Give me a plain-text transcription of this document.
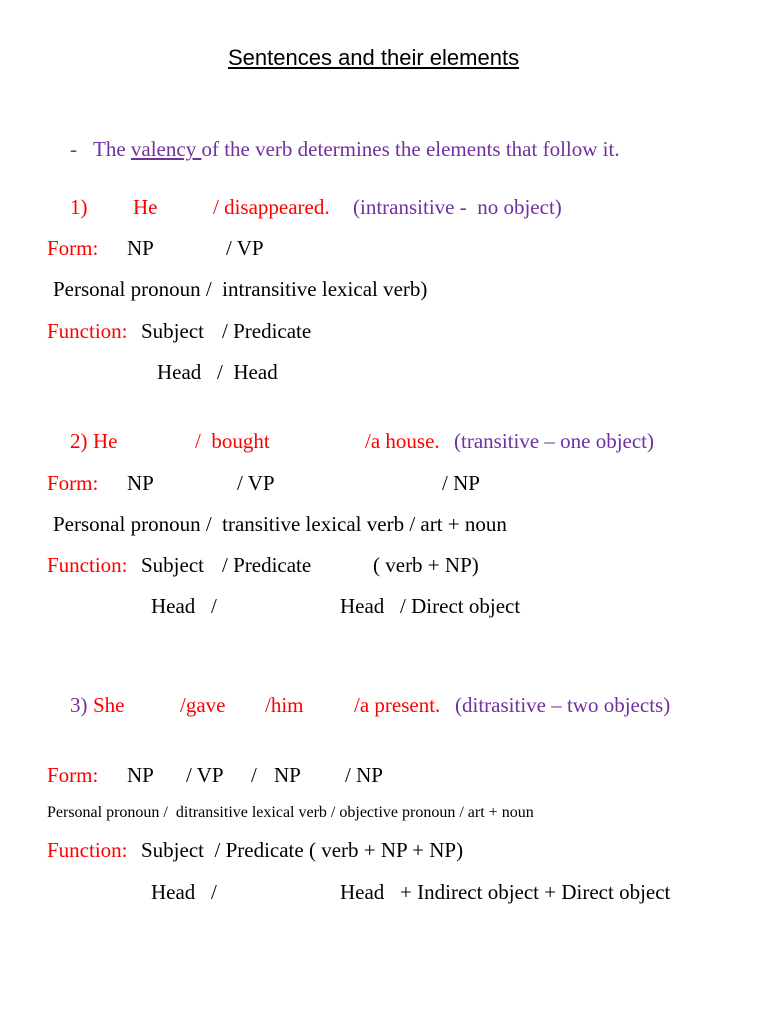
Sentences and their elements
- The valency of the verb determines the elements that follow it.
1) He	/ disappeared. (intransitive -  no object)
Form: NP	/ VP
Personal pronoun /  intransitive lexical verb)
Function: Subject / Predicate
Head   /  Head
2) He	/  bought	/a house. (transitive – one object)
Form: NP	/ VP	/ NP
Personal pronoun /  transitive lexical verb / art + noun
Function: Subject / Predicate	( verb + NP)
Head   /	Head   / Direct object
3) She	/gave /him /a present. (ditrasitive – two objects)
Form: NP / VP / NP / NP
Personal pronoun /  ditransitive lexical verb / objective pronoun / art + noun
Function: Subject  / Predicate ( verb + NP + NP)
Head   /	Head   + Indirect object + Direct object
